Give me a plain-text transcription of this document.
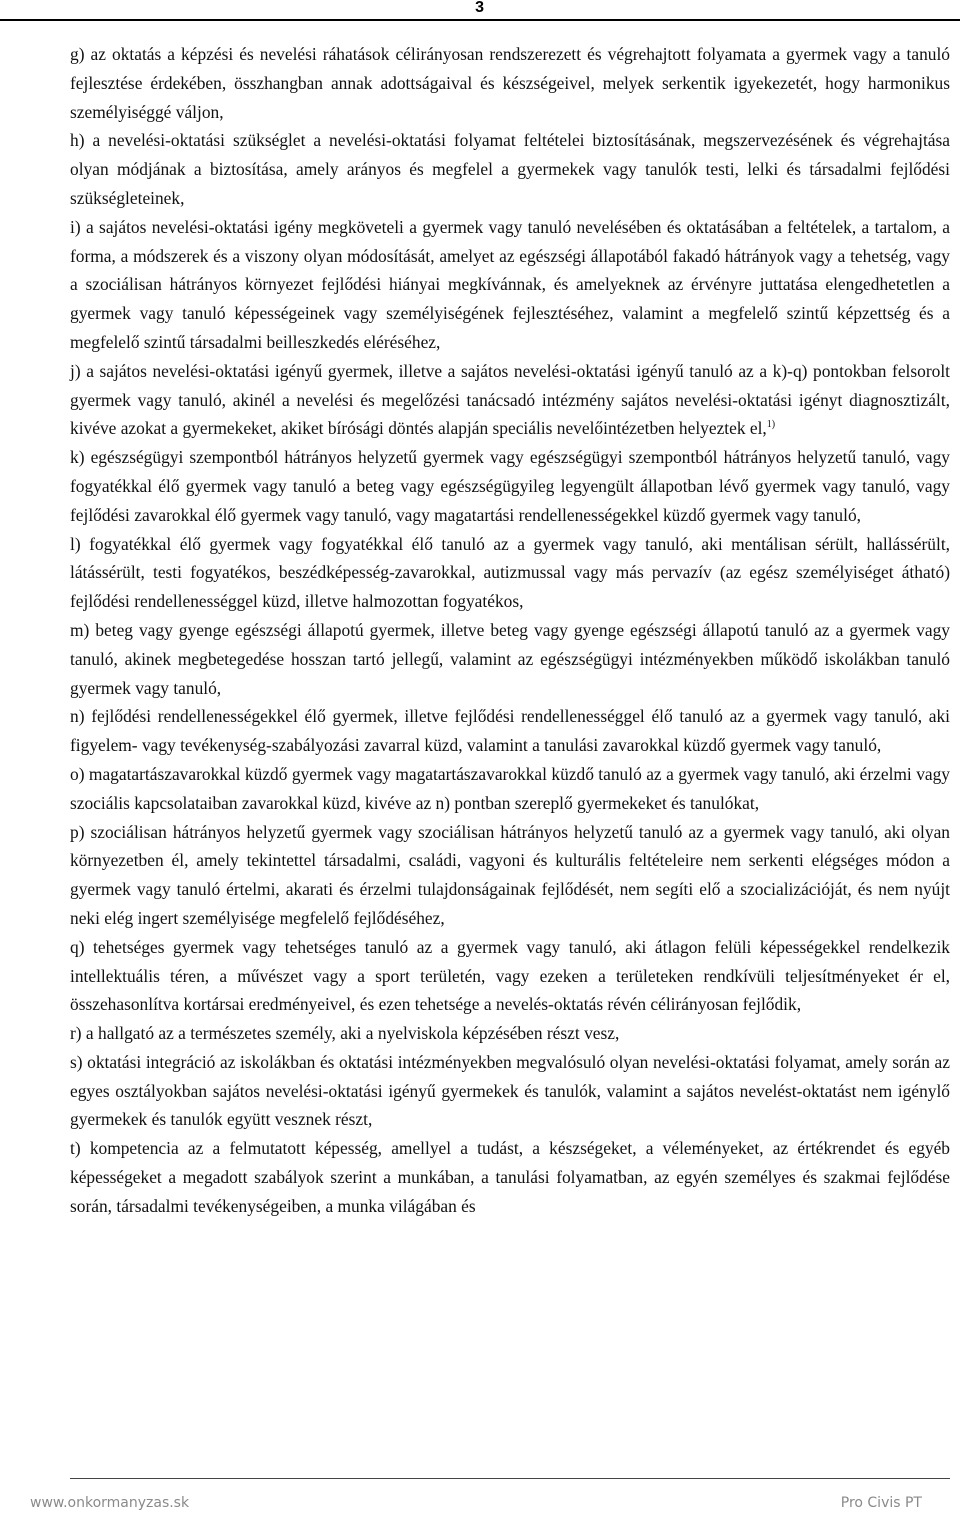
3

g) az oktatás a képzési és nevelési ráhatások célirányosan rendszerezett és végrehajtott folyamata a gyermek vagy a tanuló fejlesztése érdekében, összhangban annak adottságaival és készségeivel, melyek serkentik igyekezetét, hogy harmonikus személyiséggé váljon,

h) a nevelési-oktatási szükséglet a nevelési-oktatási folyamat feltételei biztosításának, megszervezésének és végrehajtása olyan módjának a biztosítása, amely arányos és megfelel a gyermekek vagy tanulók testi, lelki és társadalmi fejlődési szükségleteinek,

i) a sajátos nevelési-oktatási igény megköveteli a gyermek vagy tanuló nevelésében és oktatásában a feltételek, a tartalom, a forma, a módszerek és a viszony olyan módosítását, amelyet az egészségi állapotából fakadó hátrányok vagy a tehetség, vagy a szociálisan hátrányos környezet fejlődési hiányai megkívánnak, és amelyeknek az érvényre juttatása elengedhetetlen a gyermek vagy tanuló képességeinek vagy személyiségének fejlesztéséhez, valamint a megfelelő szintű képzettség és a megfelelő szintű társadalmi beilleszkedés eléréséhez,

j) a sajátos nevelési-oktatási igényű gyermek, illetve a sajátos nevelési-oktatási igényű tanuló az a k)-q) pontokban felsorolt gyermek vagy tanuló, akinél a nevelési és megelőzési tanácsadó intézmény sajátos nevelési-oktatási igényt diagnosztizált, kivéve azokat a gyermekeket, akiket bírósági döntés alapján speciális nevelőintézetben helyeztek el,$^{1)}$

k) egészségügyi szempontból hátrányos helyzetű gyermek vagy egészségügyi szempontból hátrányos helyzetű tanuló, vagy fogyatékkal élő gyermek vagy tanuló a beteg vagy egészségügyileg legyengült állapotban lévő gyermek vagy tanuló, vagy fejlődési zavarokkal élő gyermek vagy tanuló, vagy magatartási rendellenességekkel küzdő gyermek vagy tanuló,

l) fogyatékkal élő gyermek vagy fogyatékkal élő tanuló az a gyermek vagy tanuló, aki mentálisan sérült, hallássérült, látássérült, testi fogyatékos, beszédképesség-zavarokkal, autizmussal vagy más pervazív (az egész személyiséget átható) fejlődési rendellenességgel küzd, illetve halmozottan fogyatékos,

m) beteg vagy gyenge egészségi állapotú gyermek, illetve beteg vagy gyenge egészségi állapotú tanuló az a gyermek vagy tanuló, akinek megbetegedése hosszan tartó jellegű, valamint az egészségügyi intézményekben működő iskolákban tanuló gyermek vagy tanuló,

n) fejlődési rendellenességekkel élő gyermek, illetve fejlődési rendellenességgel élő tanuló az a gyermek vagy tanuló, aki figyelem- vagy tevékenység-szabályozási zavarral küzd, valamint a tanulási zavarokkal küzdő gyermek vagy tanuló,

o) magatartászavarokkal küzdő gyermek vagy magatartászavarokkal küzdő tanuló az a gyermek vagy tanuló, aki érzelmi vagy szociális kapcsolataiban zavarokkal küzd, kivéve az n) pontban szereplő gyermekeket és tanulókat,

p) szociálisan hátrányos helyzetű gyermek vagy szociálisan hátrányos helyzetű tanuló az a gyermek vagy tanuló, aki olyan környezetben él, amely tekintettel társadalmi, családi, vagyoni és kulturális feltételeire nem serkenti elégséges módon a gyermek vagy tanuló értelmi, akarati és érzelmi tulajdonságainak fejlődését, nem segíti elő a szocializációját, és nem nyújt neki elég ingert személyisége megfelelő fejlődéséhez,

q) tehetséges gyermek vagy tehetséges tanuló az a gyermek vagy tanuló, aki átlagon felüli képességekkel rendelkezik intellektuális téren, a művészet vagy a sport területén, vagy ezeken a területeken rendkívüli teljesítményeket ér el, összehasonlítva kortársai eredményeivel, és ezen tehetsége a nevelés-oktatás révén célirányosan fejlődik,

r) a hallgató az a természetes személy, aki a nyelviskola képzésében részt vesz,

s) oktatási integráció az iskolákban és oktatási intézményekben megvalósuló olyan nevelési-oktatási folyamat, amely során az egyes osztályokban sajátos nevelési-oktatási igényű gyermekek és tanulók, valamint a sajátos nevelést-oktatást nem igénylő gyermekek és tanulók együtt vesznek részt,

t) kompetencia az a felmutatott képesség, amellyel a tudást, a készségeket, a véleményeket, az értékrendet és egyéb képességeket a megadott szabályok szerint a munkában, a tanulási folyamatban, az egyén személyes és szakmai fejlődése során, társadalmi tevékenységeiben, a munka világában és

www.onkormanyzas.sk	Pro Civis PT
